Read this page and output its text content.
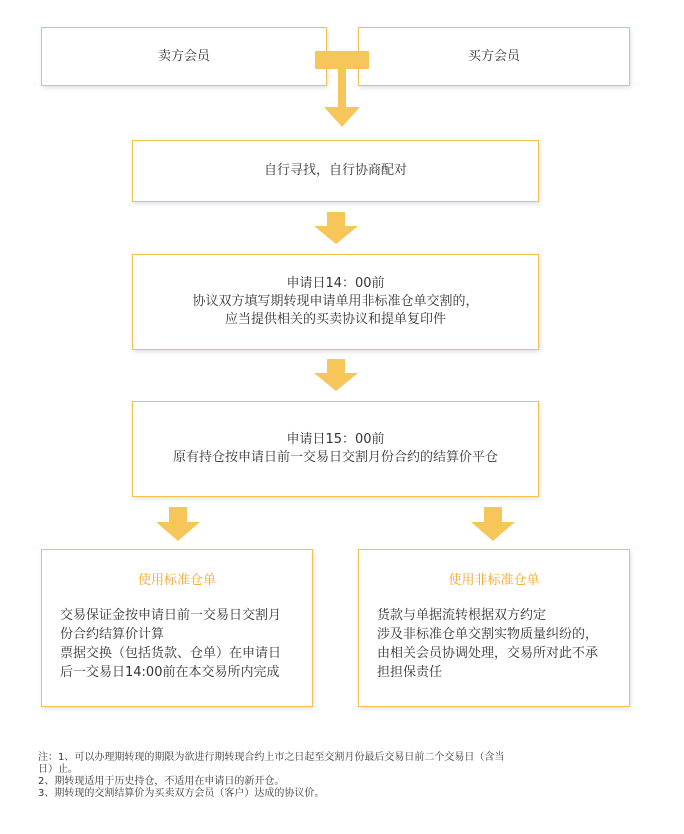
卖方会员	买方会员
自行寻找，自行协商配对
申请日14：00前
协议双方填写期转现申请单用非标准仓单交割的，
应当提供相关的买卖协议和提单复印件
申请日15：00前
原有持仓按申请日前一交易日交割月份合约的结算价平仓
使用标准仓单
交易保证金按申请日前一交易日交割月
份合约结算价计算
票据交换（包括货款、仓单）在申请日
后一交易日14:00前在本交易所内完成
使用非标准仓单
货款与单据流转根据双方约定
涉及非标准仓单交割实物质量纠纷的，
由相关会员协调处理，交易所对此不承
担担保责任
注：1、可以办理期转现的期限为欲进行期转现合约上市之日起至交割月份最后交易日前二个交易日（含当
日）止。
2、期转现适用于历史持仓，不适用在申请日的新开仓。
3、期转现的交割结算价为买卖双方会员（客户）达成的协议价。
